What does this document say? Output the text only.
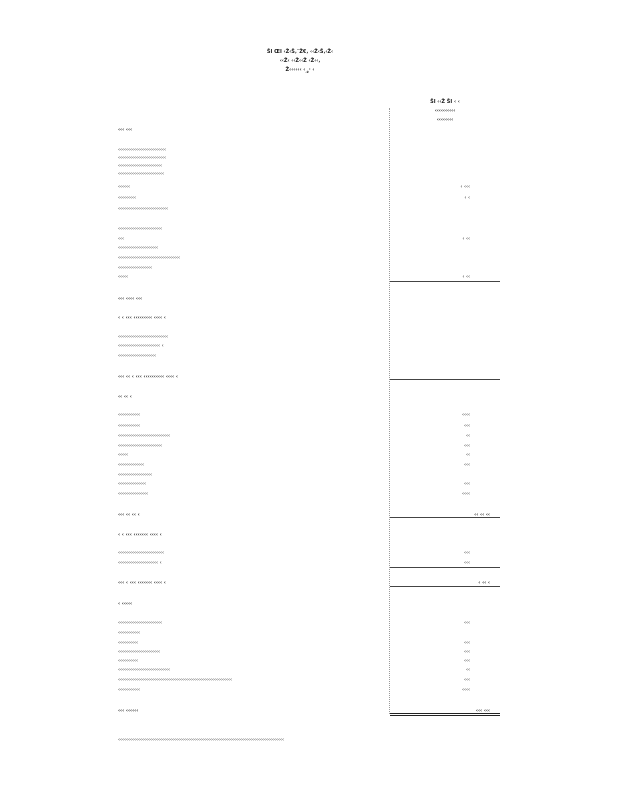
ŠI ŒI ‹Ž‹Š‚¯Ž€‚ ‹‹Ž‹Š‚‹Ž‹
‹‹Ž‹ ‹‹Ž‹‹Ž ‹Ž‹‹‚
Ž‹‹‹‹‹‹ $‹_{‹Ž}\cdot$ ‹
ŠI ‹‹Ž ŠI ‹ ‹
‹‹‹‹‹‹‹‹‹‹
‹‹‹‹‹‹‹‹
‹‹‹ ‹‹‹
‹‹‹‹‹‹‹‹‹‹‹‹‹‹‹‹‹‹‹‹‹‹‹‹
‹‹‹‹‹‹‹‹‹‹‹‹‹‹‹‹‹‹‹‹‹‹‹‹
‹‹‹‹‹‹‹‹‹‹‹‹‹‹‹‹‹‹‹‹‹‹
‹‹‹‹‹‹‹‹‹‹‹‹‹‹‹‹‹‹‹‹‹‹‹
‹‹‹‹‹‹	‹ ‹‹‹
‹‹‹‹‹‹‹‹‹	‹ ‹
‹‹‹‹‹‹‹‹‹‹‹‹‹‹‹‹‹‹‹‹‹‹‹‹‹
‹‹‹‹‹‹‹‹‹‹‹‹‹‹‹‹‹‹‹‹‹‹
‹‹‹	‹ ‹‹
‹‹‹‹‹‹‹‹‹‹‹‹‹‹‹‹‹‹‹‹
‹‹‹‹‹‹‹‹‹‹‹‹‹‹‹‹‹‹‹‹‹‹‹‹‹‹‹‹‹‹‹
‹‹‹‹‹‹‹‹‹‹‹‹‹‹‹‹‹
‹‹‹‹‹	‹ ‹‹
‹‹‹ ‹‹‹‹ ‹‹‹
‹ ‹ ‹‹‹ ‹‹‹‹‹‹‹‹‹ ‹‹‹‹ ‹
‹‹‹‹‹‹‹‹‹‹‹‹‹‹‹‹‹‹‹‹‹‹‹‹‹
‹‹‹‹‹‹‹‹‹‹‹‹‹‹‹‹‹‹‹‹‹ ‹
‹‹‹‹‹‹‹‹‹‹‹‹‹‹‹‹‹‹‹
‹‹‹ ‹‹ ‹ ‹‹‹ ‹‹‹‹‹‹‹‹‹‹ ‹‹‹‹ ‹
‹‹ ‹‹ ‹
‹‹‹‹‹‹‹‹‹‹‹	‹‹‹‹
‹‹‹‹‹‹‹‹‹‹‹	‹‹‹
‹‹‹‹‹‹‹‹‹‹‹‹‹‹‹‹‹‹‹‹‹‹‹‹‹‹	‹‹
‹‹‹‹‹‹‹‹‹‹‹‹‹‹‹‹‹‹‹‹‹‹	‹‹‹
‹‹‹‹‹	‹‹
‹‹‹‹‹‹‹‹‹‹‹‹‹	‹‹‹
‹‹‹‹‹‹‹‹‹‹‹‹‹‹‹‹‹
‹‹‹‹‹‹‹‹‹‹‹‹‹‹	‹‹‹
‹‹‹‹‹‹‹‹‹‹‹‹‹‹‹	‹‹‹‹
‹‹‹ ‹‹ ‹‹ ‹	‹‹ ‹‹ ‹‹
‹ ‹ ‹‹‹ ‹‹‹‹‹‹‹ ‹‹‹‹ ‹
‹‹‹‹‹‹‹‹‹‹‹‹‹‹‹‹‹‹‹‹‹‹‹	‹‹‹
‹‹‹‹‹‹‹‹‹‹‹‹‹‹‹‹‹‹‹‹ ‹	‹‹‹
‹‹‹ ‹ ‹‹‹ ‹‹‹‹‹‹‹ ‹‹‹‹ ‹	‹ ‹‹ ‹
‹ ‹‹‹‹‹
‹‹‹‹‹‹‹‹‹‹‹‹‹‹‹‹‹‹‹‹‹‹	‹‹‹
‹‹‹‹‹‹‹‹‹‹‹
‹‹‹‹‹‹‹‹‹‹	‹‹‹
‹‹‹‹‹‹‹‹‹‹‹‹‹‹‹‹‹‹‹‹‹	‹‹‹
‹‹‹‹‹‹‹‹‹‹	‹‹‹
‹‹‹‹‹‹‹‹‹‹‹‹‹‹‹‹‹‹‹‹‹‹‹‹‹‹	‹‹
‹‹‹‹‹‹‹‹‹‹‹‹‹‹‹‹‹‹‹‹‹‹‹‹‹‹‹‹‹‹‹‹‹‹‹‹‹‹‹‹‹‹‹‹‹‹‹‹‹‹‹‹‹‹‹‹‹	‹‹‹
‹‹‹‹‹‹‹‹‹‹‹	‹‹‹‹
‹‹‹ ‹‹‹‹‹‹	‹‹‹ ‹‹‹
‹‹‹‹‹‹‹‹‹‹‹‹‹‹‹‹‹‹‹‹‹‹‹‹‹‹‹‹‹‹‹‹‹‹‹‹‹‹‹‹‹‹‹‹‹‹‹‹‹‹‹‹‹‹‹‹‹‹‹‹‹‹‹‹‹‹‹‹‹‹‹‹‹‹‹‹‹‹‹‹‹‹‹
